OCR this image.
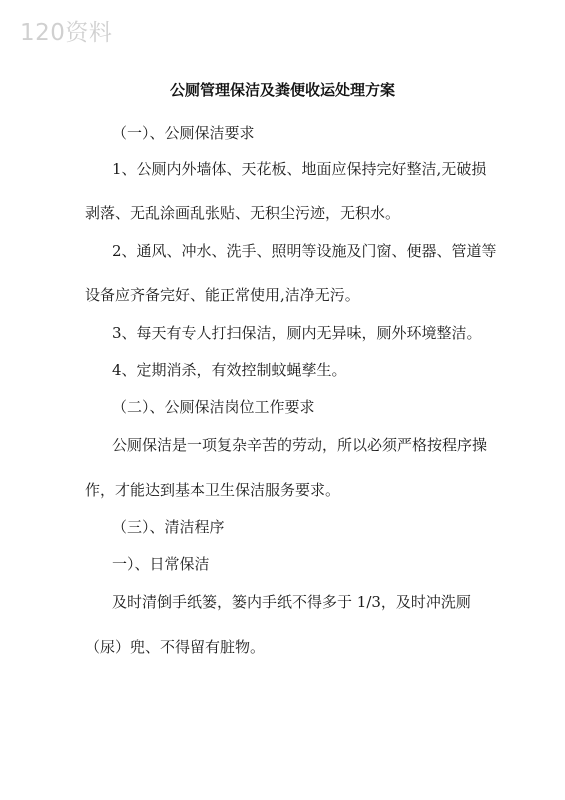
120资料
公厕管理保洁及粪便收运处理方案
（一）、公厕保洁要求
1、公厕内外墙体、天花板、地面应保持完好整洁,无破损
剥落、无乱涂画乱张贴、无积尘污迹，无积水。
2、通风、冲水、洗手、照明等设施及门窗、便器、管道等
设备应齐备完好、能正常使用,洁净无污。
3、每天有专人打扫保洁，厕内无异味，厕外环境整洁。
4、定期消杀，有效控制蚊蝇孳生。
（二）、公厕保洁岗位工作要求
公厕保洁是一项复杂辛苦的劳动，所以必须严格按程序操
作，才能达到基本卫生保洁服务要求。
（三）、清洁程序
一）、日常保洁
及时清倒手纸篓，篓内手纸不得多于 1/3，及时冲洗厕
（尿）兜、不得留有脏物。
